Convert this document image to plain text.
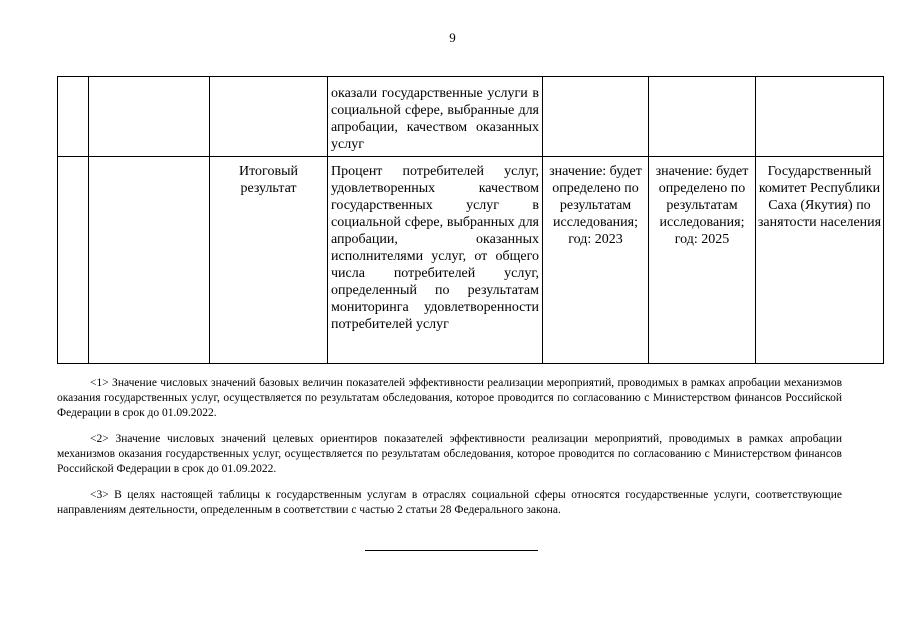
9

			оказали государственные услуги в социальной сфере, выбранные для апробации, качеством оказанных услуг			

		Итоговый результат	Процент потребителей услуг, удовлетворенных качеством государственных услуг в социальной сфере, выбранных для апробации, оказанных исполнителями услуг, от общего числа потребителей услуг, определенный по результатам мониторинга удовлетворенности потребителей услуг	значение: будет определено по результатам исследования; год: 2023	значение: будет определено по результатам исследования; год: 2025	Государственный комитет Республики Саха (Якутия) по занятости населения

<1> Значение числовых значений базовых величин показателей эффективности реализации мероприятий, проводимых в рамках апробации механизмов оказания государственных услуг, осуществляется по результатам обследования, которое проводится по согласованию с Министерством финансов Российской Федерации в срок до 01.09.2022.

<2> Значение числовых значений целевых ориентиров показателей эффективности реализации мероприятий, проводимых в рамках апробации механизмов оказания государственных услуг, осуществляется по результатам обследования, которое проводится по согласованию с Министерством финансов Российской Федерации в срок до 01.09.2022.

<3> В целях настоящей таблицы к государственным услугам в отраслях социальной сферы относятся государственные услуги, соответствующие направлениям деятельности, определенным в соответствии с частью 2 статьи 28 Федерального закона.
